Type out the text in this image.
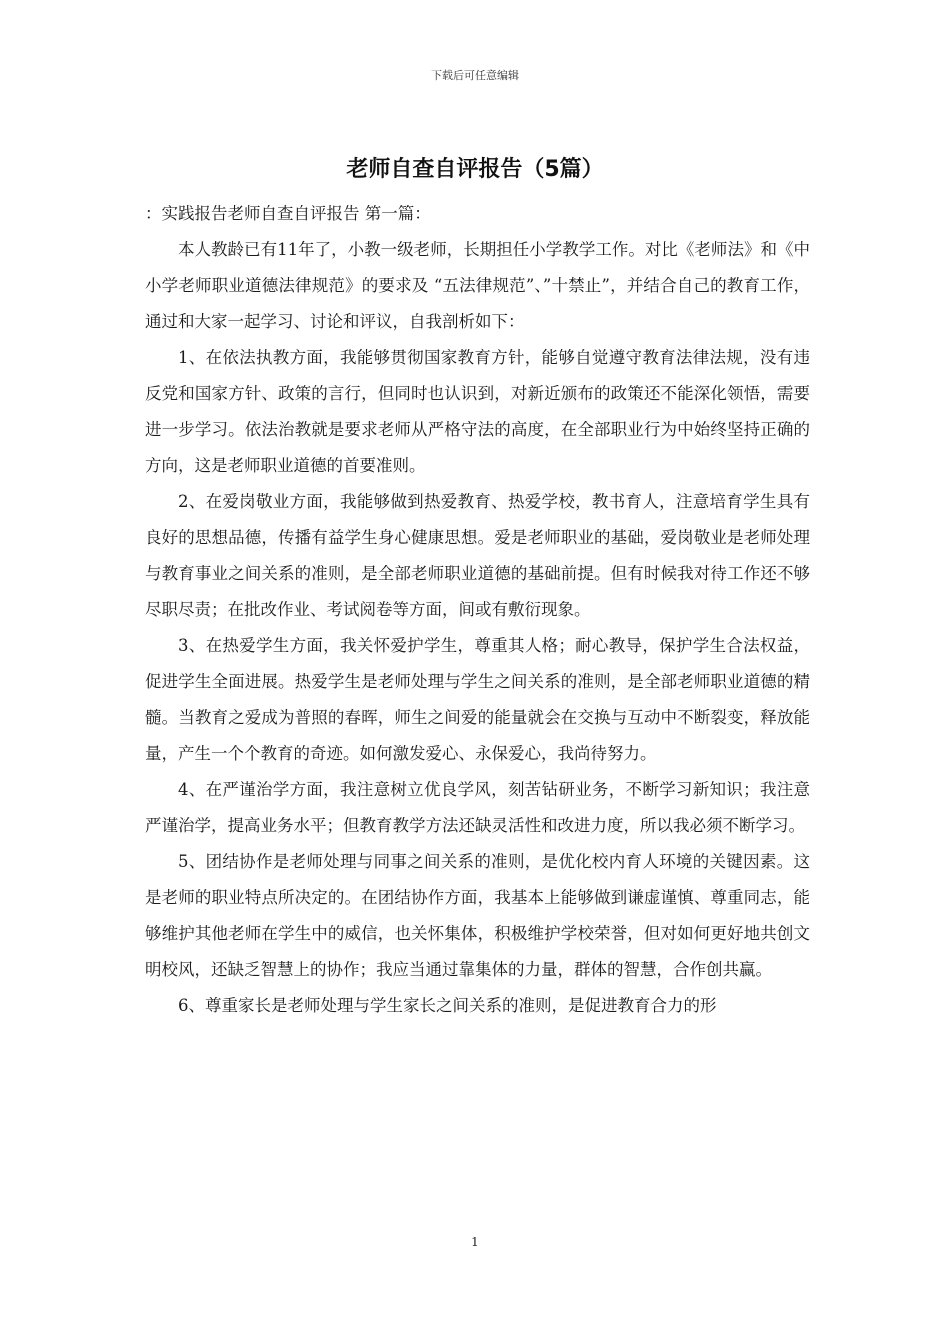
下载后可任意编辑
老师自查自评报告（5篇）

：实践报告老师自查自评报告 第一篇：

本人教龄已有11年了，小教一级老师，长期担任小学教学工作。对比《老师法》和《中小学老师职业道德法律规范》的要求及 “五法律规范”、”十禁止”，并结合自己的教育工作，通过和大家一起学习、讨论和评议，自我剖析如下：

1、在依法执教方面，我能够贯彻国家教育方针，能够自觉遵守教育法律法规，没有违反党和国家方针、政策的言行，但同时也认识到，对新近颁布的政策还不能深化领悟，需要进一步学习。依法治教就是要求老师从严格守法的高度，在全部职业行为中始终坚持正确的方向，这是老师职业道德的首要准则。

2、在爱岗敬业方面，我能够做到热爱教育、热爱学校，教书育人，注意培育学生具有良好的思想品德，传播有益学生身心健康思想。爱是老师职业的基础，爱岗敬业是老师处理与教育事业之间关系的准则，是全部老师职业道德的基础前提。但有时候我对待工作还不够尽职尽责；在批改作业、考试阅卷等方面，间或有敷衍现象。

3、在热爱学生方面，我关怀爱护学生，尊重其人格；耐心教导，保护学生合法权益，促进学生全面进展。热爱学生是老师处理与学生之间关系的准则，是全部老师职业道德的精髓。当教育之爱成为普照的春晖，师生之间爱的能量就会在交换与互动中不断裂变，释放能量，产生一个个教育的奇迹。如何激发爱心、永保爱心，我尚待努力。

4、在严谨治学方面，我注意树立优良学风，刻苦钻研业务，不断学习新知识；我注意严谨治学，提高业务水平；但教育教学方法还缺灵活性和改进力度，所以我必须不断学习。

5、团结协作是老师处理与同事之间关系的准则，是优化校内育人环境的关键因素。这是老师的职业特点所决定的。在团结协作方面，我基本上能够做到谦虚谨慎、尊重同志，能够维护其他老师在学生中的威信，也关怀集体，积极维护学校荣誉，但对如何更好地共创文明校风，还缺乏智慧上的协作；我应当通过靠集体的力量，群体的智慧，合作创共赢。

6、尊重家长是老师处理与学生家长之间关系的准则，是促进教育合力的形

1
